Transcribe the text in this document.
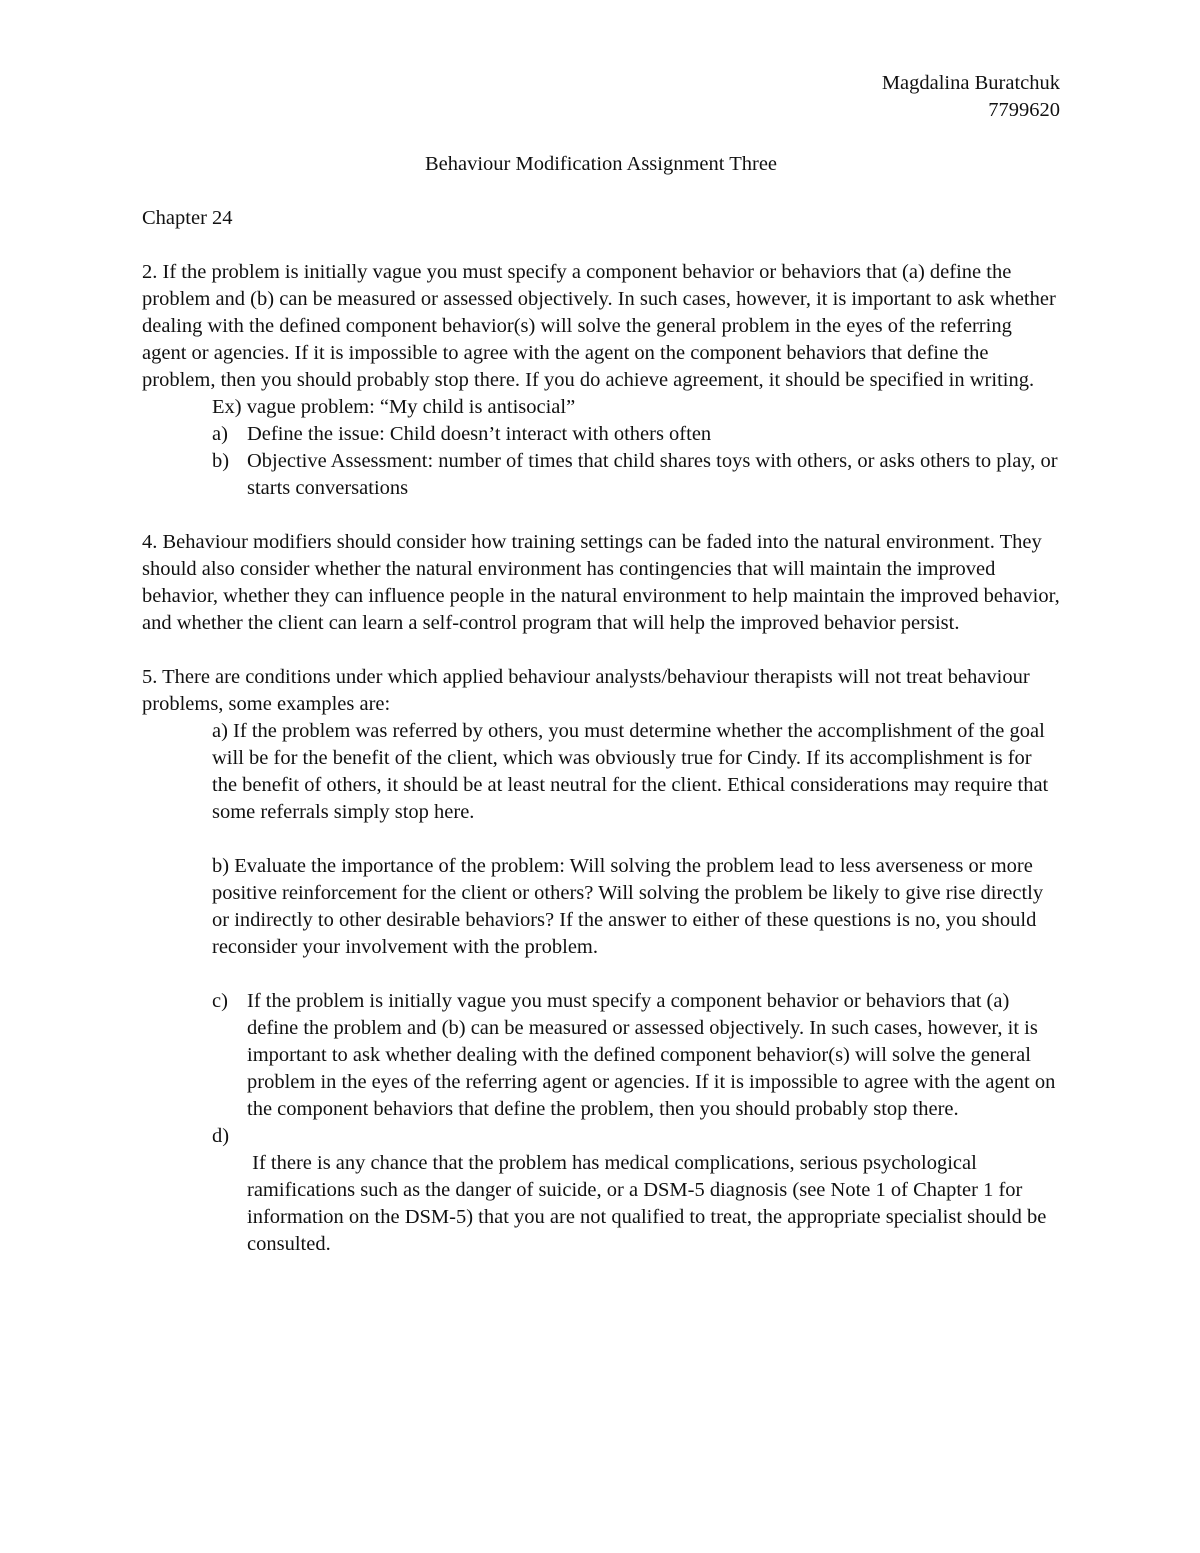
Magdalina Buratchuk
7799620
Behaviour Modification Assignment Three
Chapter 24

2. If the problem is initially vague you must specify a component behavior or behaviors that (a) define the problem and (b) can be measured or assessed objectively. In such cases, however, it is important to ask whether dealing with the defined component behavior(s) will solve the general problem in the eyes of the referring agent or agencies. If it is impossible to agree with the agent on the component behaviors that define the problem, then you should probably stop there. If you do achieve agreement, it should be specified in writing.

Ex) vague problem: “My child is antisocial”
a) Define the issue: Child doesn’t interact with others often
b) Objective Assessment: number of times that child shares toys with others, or asks others to play, or starts conversations

4. Behaviour modifiers should consider how training settings can be faded into the natural environment. They should also consider whether the natural environment has contingencies that will maintain the improved behavior, whether they can influence people in the natural environment to help maintain the improved behavior, and whether the client can learn a self-control program that will help the improved behavior persist.

5. There are conditions under which applied behaviour analysts/behaviour therapists will not treat behaviour problems, some examples are:

a) If the problem was referred by others, you must determine whether the accomplishment of the goal will be for the benefit of the client, which was obviously true for Cindy. If its accomplishment is for the benefit of others, it should be at least neutral for the client. Ethical considerations may require that some referrals simply stop here.

b) Evaluate the importance of the problem: Will solving the problem lead to less averseness or more positive reinforcement for the client or others? Will solving the problem be likely to give rise directly or indirectly to other desirable behaviors? If the answer to either of these questions is no, you should reconsider your involvement with the problem.

c) If the problem is initially vague you must specify a component behavior or behaviors that (a) define the problem and (b) can be measured or assessed objectively. In such cases, however, it is important to ask whether dealing with the defined component behavior(s) will solve the general problem in the eyes of the referring agent or agencies. If it is impossible to agree with the agent on the component behaviors that define the problem, then you should probably stop there.
d)

If there is any chance that the problem has medical complications, serious psychological ramifications such as the danger of suicide, or a DSM-5 diagnosis (see Note 1 of Chapter 1 for information on the DSM-5) that you are not qualified to treat, the appropriate specialist should be consulted.
